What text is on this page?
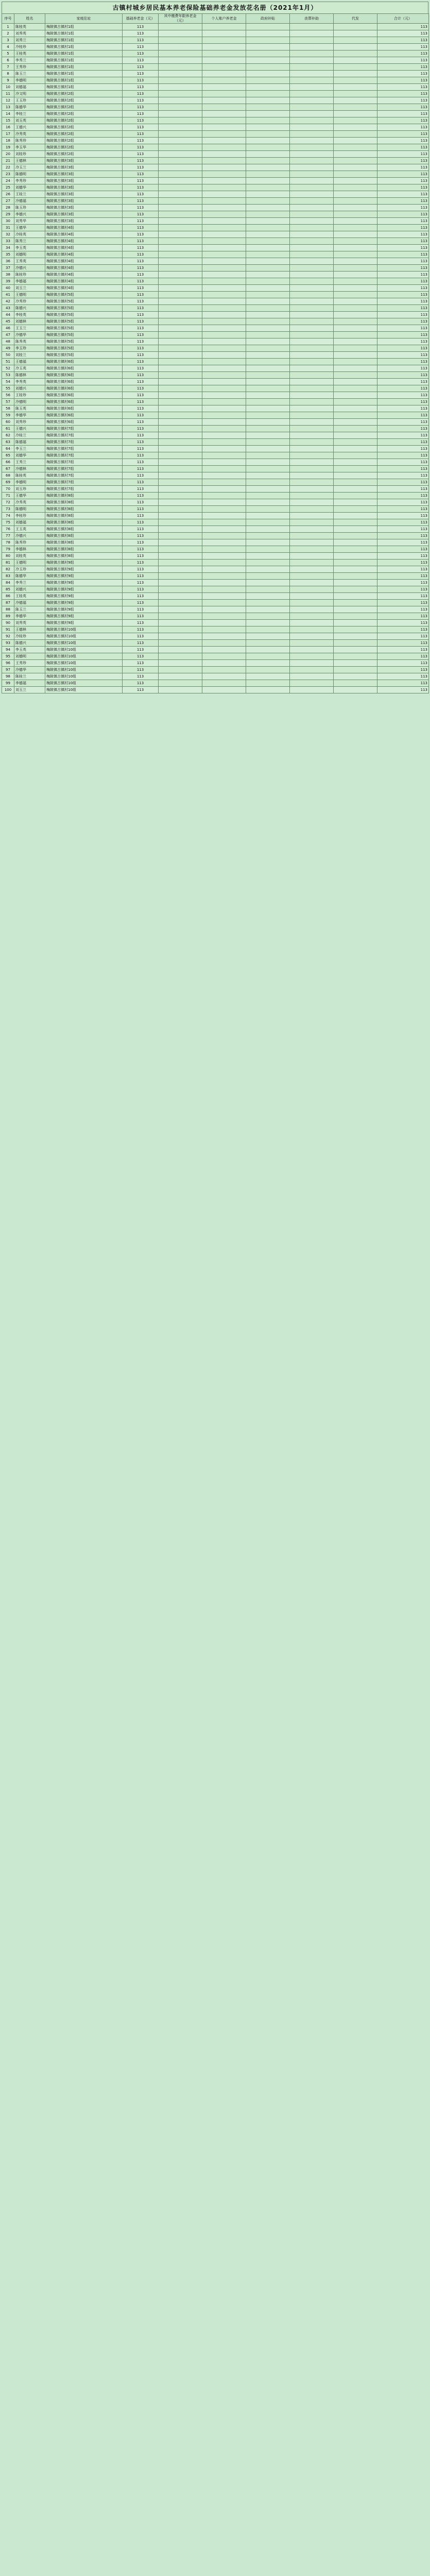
古镇村城乡居民基本养老保险基础养老金发放花名册（2021年1月）
序号	姓名	家庭住址	基础养老金（元）	其中缴费年限养老金（元）	个人账户养老金	政府补贴	丧葬补助	代发	合计（元）
1	陈桂英	梅陂镇古镇村1组	113						113
2	刘秀英	梅陂镇古镇村1组	113						113
3	刘秀兰	梅陂镇古镇村1组	113						113
4	冷桂珍	梅陂镇古镇村1组	113						113
5	王桂英	梅陂镇古镇村1组	113						113
6	李秀兰	梅陂镇古镇村1组	113						113
7	王秀珍	梅陂镇古镇村1组	113						113
8	陈玉兰	梅陂镇古镇村1组	113						113
9	李德明	梅陂镇古镇村1组	113						113
10	刘德福	梅陂镇古镇村1组	113						113
11	冷文明	梅陂镇古镇村2组	113						113
12	王玉珍	梅陂镇古镇村2组	113						113
13	陈德华	梅陂镇古镇村2组	113						113
14	李桂兰	梅陂镇古镇村2组	113						113
15	刘玉英	梅陂镇古镇村2组	113						113
16	王德兴	梅陂镇古镇村2组	113						113
17	冷秀英	梅陂镇古镇村2组	113						113
18	陈秀珍	梅陂镇古镇村2组	113						113
19	李玉华	梅陂镇古镇村2组	113						113
20	刘桂珍	梅陂镇古镇村2组	113						113
21	王德林	梅陂镇古镇村3组	113						113
22	冷玉兰	梅陂镇古镇村3组	113						113
23	陈德明	梅陂镇古镇村3组	113						113
24	李秀珍	梅陂镇古镇村3组	113						113
25	刘德华	梅陂镇古镇村3组	113						113
26	王桂兰	梅陂镇古镇村3组	113						113
27	冷德福	梅陂镇古镇村3组	113						113
28	陈玉珍	梅陂镇古镇村3组	113						113
29	李德兴	梅陂镇古镇村3组	113						113
30	刘秀华	梅陂镇古镇村3组	113						113
31	王德华	梅陂镇古镇村4组	113						113
32	冷桂英	梅陂镇古镇村4组	113						113
33	陈秀兰	梅陂镇古镇村4组	113						113
34	李玉英	梅陂镇古镇村4组	113						113
35	刘德明	梅陂镇古镇村4组	113						113
36	王秀英	梅陂镇古镇村4组	113						113
37	冷德兴	梅陂镇古镇村4组	113						113
38	陈桂珍	梅陂镇古镇村4组	113						113
39	李德福	梅陂镇古镇村4组	113						113
40	刘玉兰	梅陂镇古镇村4组	113						113
41	王德明	梅陂镇古镇村5组	113						113
42	冷秀珍	梅陂镇古镇村5组	113						113
43	陈德兴	梅陂镇古镇村5组	113						113
44	李桂英	梅陂镇古镇村5组	113						113
45	刘德林	梅陂镇古镇村5组	113						113
46	王玉兰	梅陂镇古镇村5组	113						113
47	冷德华	梅陂镇古镇村5组	113						113
48	陈秀英	梅陂镇古镇村5组	113						113
49	李玉珍	梅陂镇古镇村5组	113						113
50	刘桂兰	梅陂镇古镇村5组	113						113
51	王德福	梅陂镇古镇村6组	113						113
52	冷玉英	梅陂镇古镇村6组	113						113
53	陈德林	梅陂镇古镇村6组	113						113
54	李秀英	梅陂镇古镇村6组	113						113
55	刘德兴	梅陂镇古镇村6组	113						113
56	王桂珍	梅陂镇古镇村6组	113						113
57	冷德明	梅陂镇古镇村6组	113						113
58	陈玉英	梅陂镇古镇村6组	113						113
59	李德华	梅陂镇古镇村6组	113						113
60	刘秀珍	梅陂镇古镇村6组	113						113
61	王德兴	梅陂镇古镇村7组	113						113
62	冷桂兰	梅陂镇古镇村7组	113						113
63	陈德福	梅陂镇古镇村7组	113						113
64	李玉兰	梅陂镇古镇村7组	113						113
65	刘德华	梅陂镇古镇村7组	113						113
66	王秀兰	梅陂镇古镇村7组	113						113
67	冷德林	梅陂镇古镇村7组	113						113
68	陈桂英	梅陂镇古镇村7组	113						113
69	李德明	梅陂镇古镇村7组	113						113
70	刘玉珍	梅陂镇古镇村7组	113						113
71	王德华	梅陂镇古镇村8组	113						113
72	冷秀英	梅陂镇古镇村8组	113						113
73	陈德明	梅陂镇古镇村8组	113						113
74	李桂珍	梅陂镇古镇村8组	113						113
75	刘德福	梅陂镇古镇村8组	113						113
76	王玉英	梅陂镇古镇村8组	113						113
77	冷德兴	梅陂镇古镇村8组	113						113
78	陈秀珍	梅陂镇古镇村8组	113						113
79	李德林	梅陂镇古镇村8组	113						113
80	刘桂英	梅陂镇古镇村8组	113						113
81	王德明	梅陂镇古镇村9组	113						113
82	冷玉珍	梅陂镇古镇村9组	113						113
83	陈德华	梅陂镇古镇村9组	113						113
84	李秀兰	梅陂镇古镇村9组	113						113
85	刘德兴	梅陂镇古镇村9组	113						113
86	王桂英	梅陂镇古镇村9组	113						113
87	冷德福	梅陂镇古镇村9组	113						113
88	陈玉兰	梅陂镇古镇村9组	113						113
89	李德华	梅陂镇古镇村9组	113						113
90	刘秀英	梅陂镇古镇村9组	113						113
91	王德林	梅陂镇古镇村10组	113						113
92	冷桂珍	梅陂镇古镇村10组	113						113
93	陈德兴	梅陂镇古镇村10组	113						113
94	李玉英	梅陂镇古镇村10组	113						113
95	刘德明	梅陂镇古镇村10组	113						113
96	王秀珍	梅陂镇古镇村10组	113						113
97	冷德华	梅陂镇古镇村10组	113						113
98	陈桂兰	梅陂镇古镇村10组	113						113
99	李德福	梅陂镇古镇村10组	113						113
100	刘玉兰	梅陂镇古镇村10组	113						113
